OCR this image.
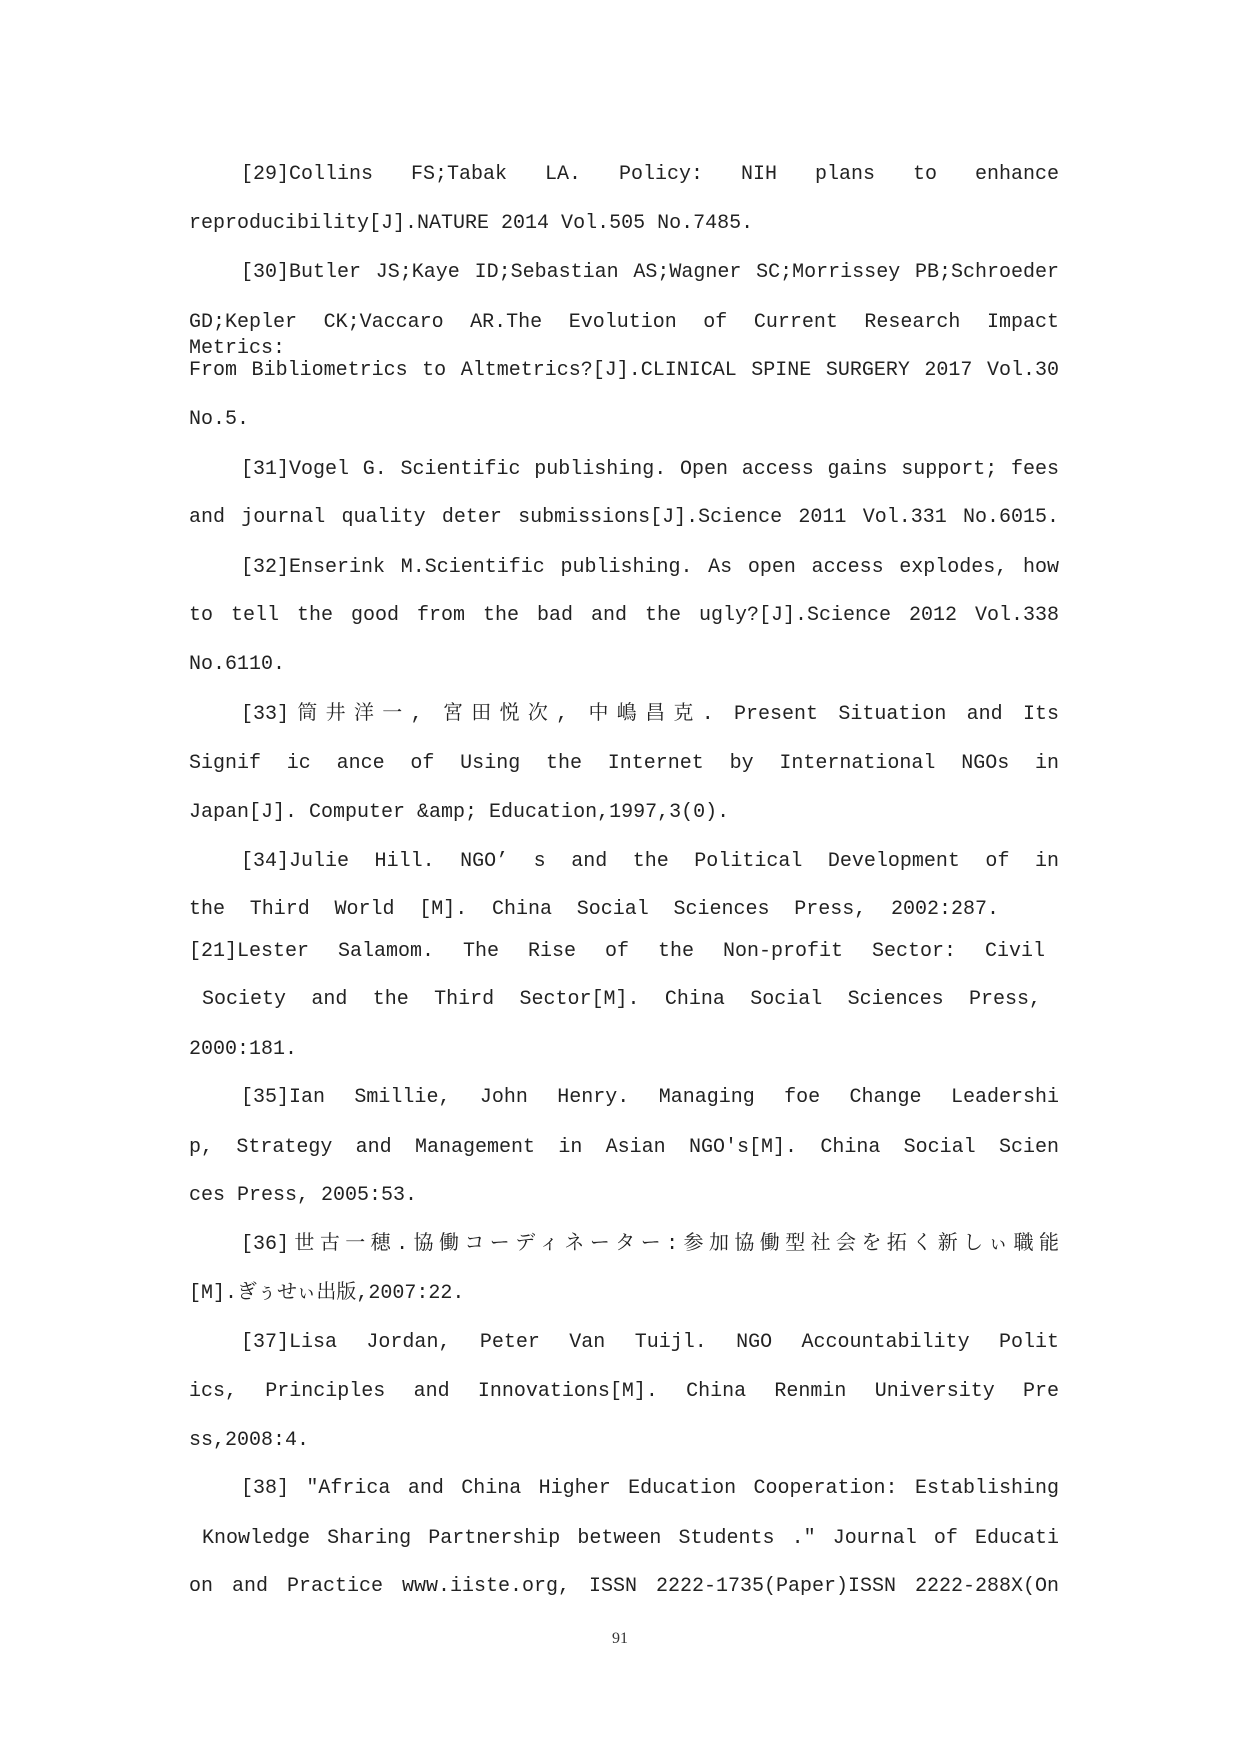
[29]Collins FS;Tabak LA. Policy: NIH plans to enhance
reproducibility[J].NATURE 2014 Vol.505 No.7485.
[30]Butler JS;Kaye ID;Sebastian AS;Wagner SC;Morrissey PB;Schroeder
GD;Kepler CK;Vaccaro AR.The Evolution of Current Research Impact Metrics:
From Bibliometrics to Altmetrics?[J].CLINICAL SPINE SURGERY 2017 Vol.30
No.5.
[31]Vogel G. Scientific publishing. Open access gains support; fees
and journal quality deter submissions[J].Science 2011 Vol.331 No.6015.
[32]Enserink M.Scientific publishing. As open access explodes, how
to tell the good from the bad and the ugly?[J].Science 2012 Vol.338
No.6110.
[33]筒井洋一, 宮田悦次, 中嶋昌克. Present Situation and Its
Signif ic ance of Using the Internet by International NGOs in
Japan[J]. Computer &amp; Education,1997,3(0).
[34]Julie Hill. NGO’ s and the Political Development of in
the Third World [M]. China Social Sciences Press, 2002:287.
[21]Lester Salamom. The Rise of the Non-profit Sector: Civil
Society and the Third Sector[M]. China Social Sciences Press,
2000:181.
[35]Ian Smillie, John Henry. Managing foe Change Leadershi
p, Strategy and Management in Asian NGO's[M]. China Social Scien
ces Press, 2005:53.
[36]世古一穂.協働コーディネーター:参加協働型社会を拓く新しぃ職能
[M].ぎぅせぃ出版,2007:22.
[37]Lisa Jordan, Peter Van Tuijl. NGO Accountability Polit
ics, Principles and Innovations[M]. China Renmin University Pre
ss,2008:4.
[38] ″Africa and China Higher Education Cooperation: Establishing
Knowledge Sharing Partnership between Students .″ Journal of Educati
on and Practice www.iiste.org, ISSN 2222-1735(Paper)ISSN 2222-288X(On
91
